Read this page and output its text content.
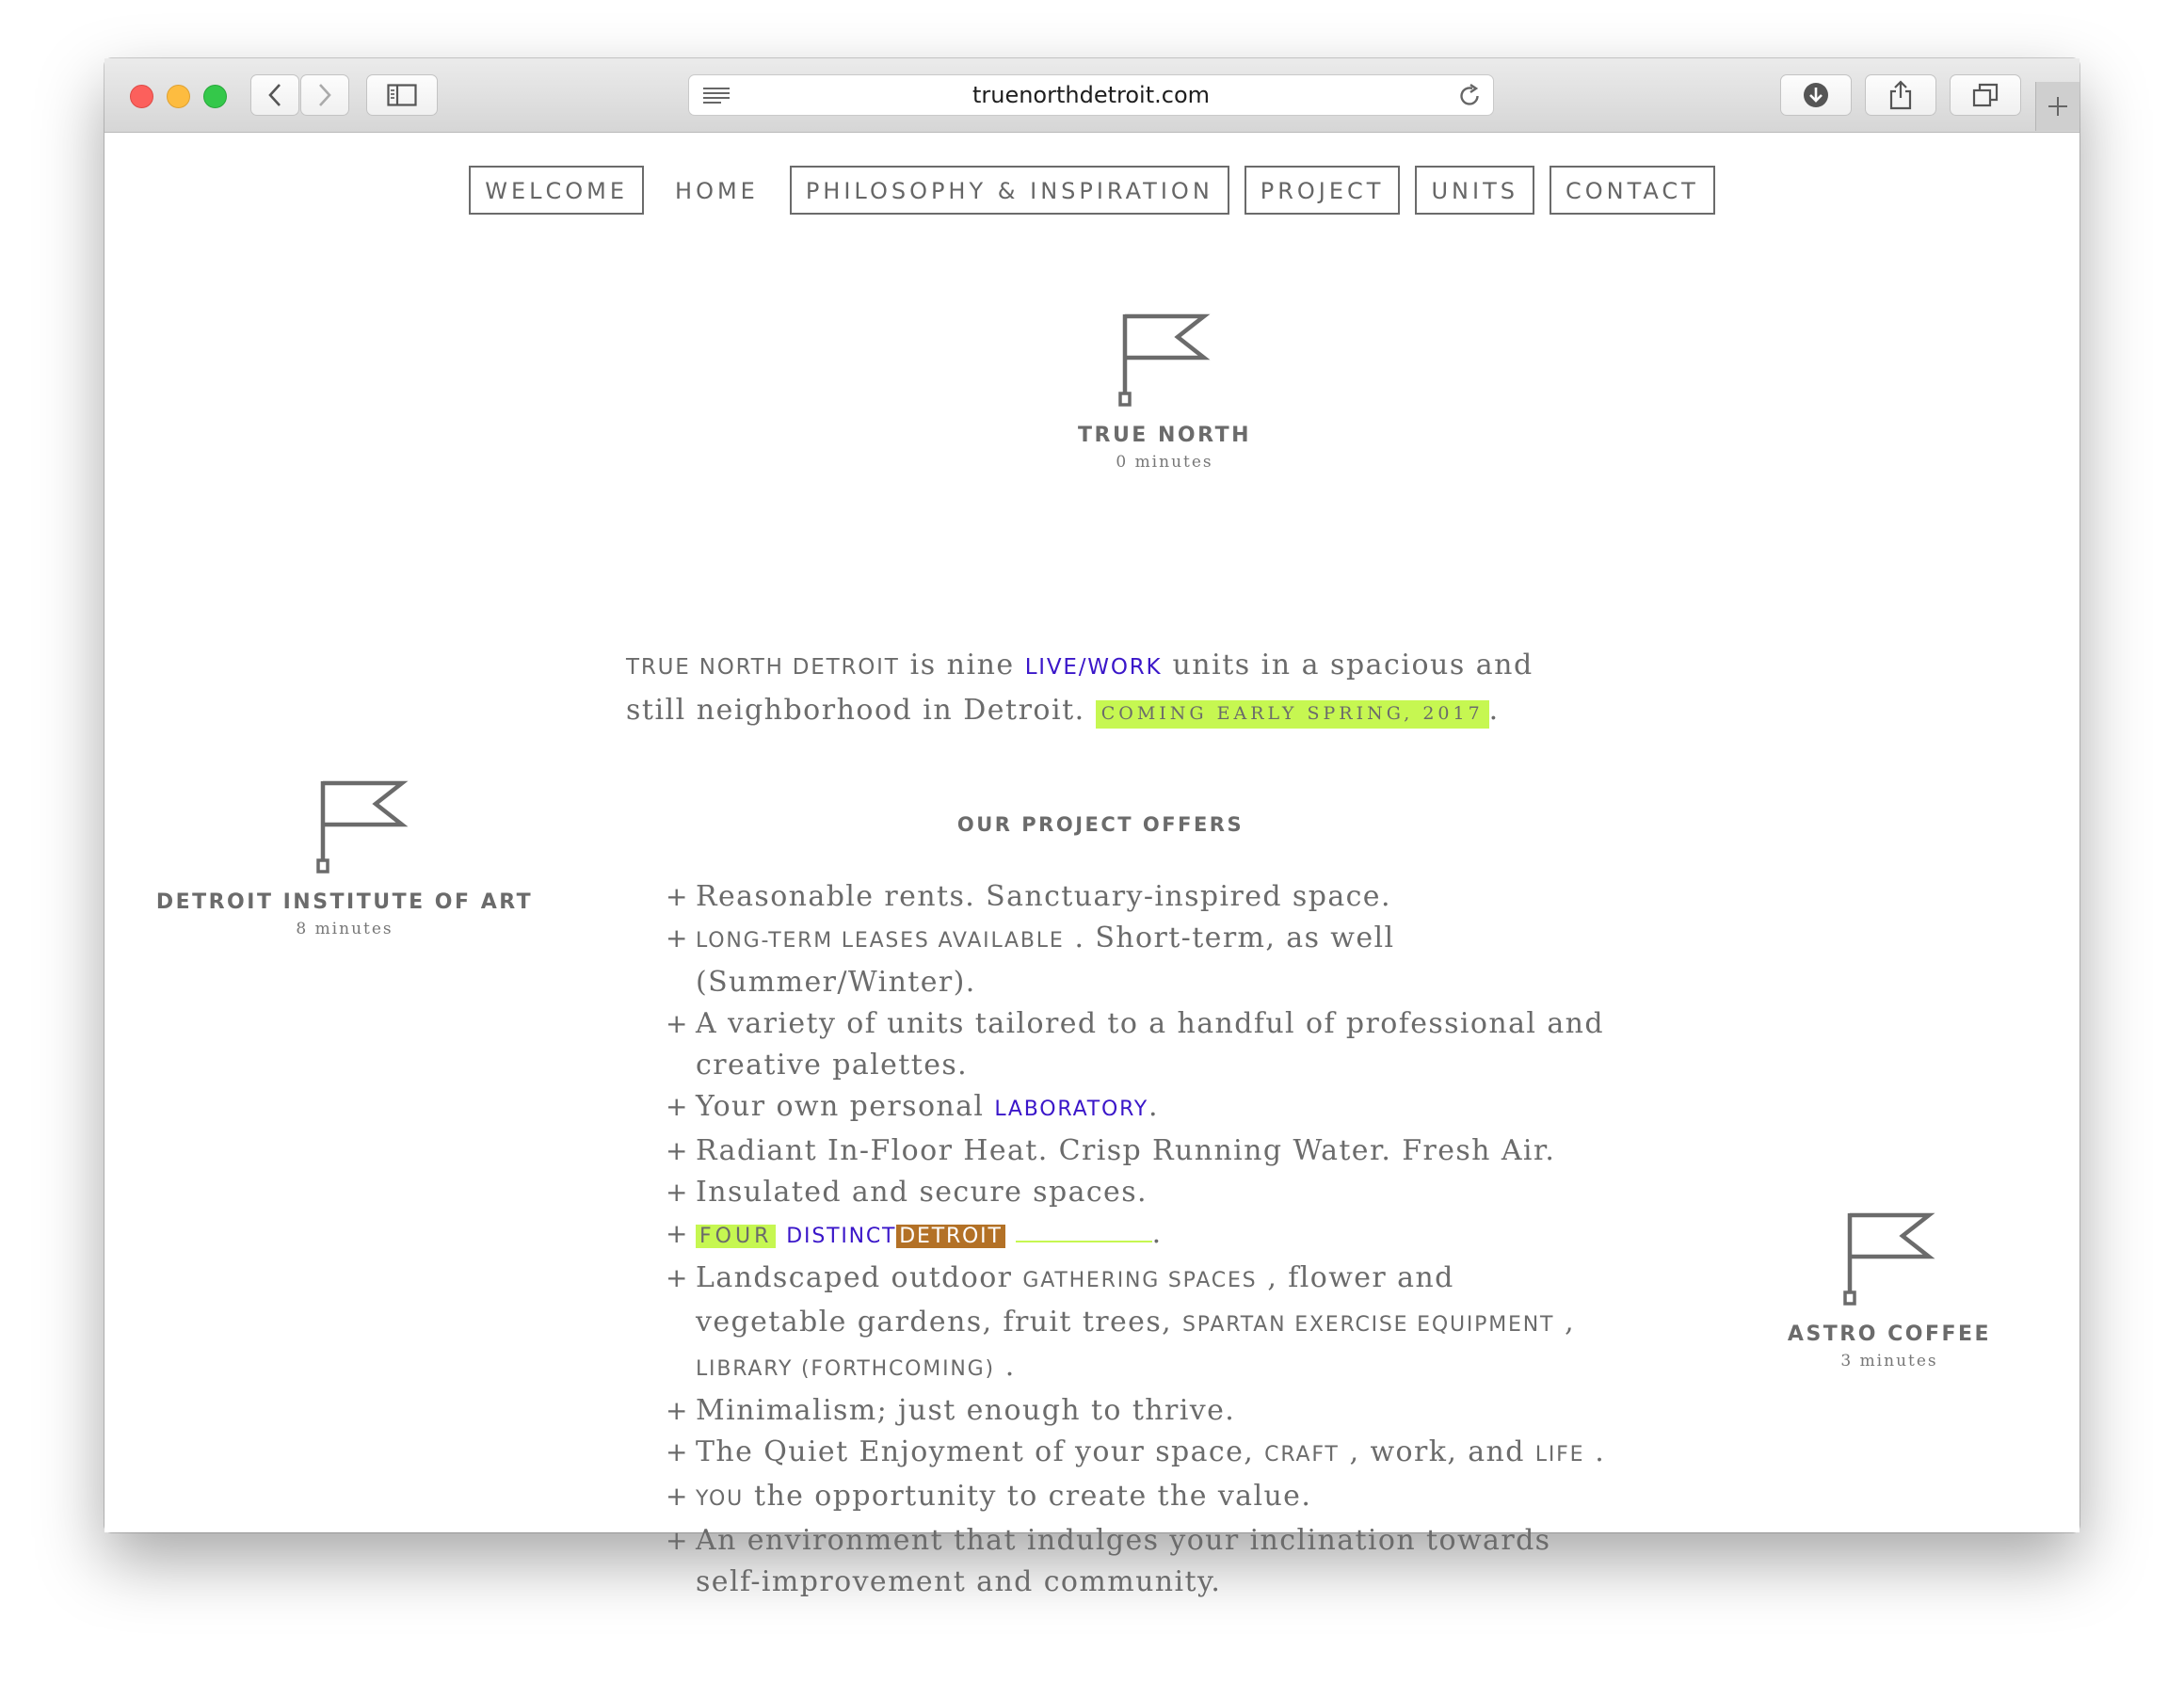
truenorthdetroit.com
WELCOME	HOME	PHILOSOPHY & INSPIRATION	PROJECT	UNITS	CONTACT
TRUE NORTH
0 minutes
DETROIT INSTITUTE OF ART
8 minutes
ASTRO COFFEE
3 minutes

TRUE NORTH DETROIT is nine LIVE/WORK units in a spacious and still neighborhood in Detroit. COMING EARLY SPRING, 2017 .

OUR PROJECT OFFERS
+ Reasonable rents. Sanctuary-inspired space.
+ LONG-TERM LEASES AVAILABLE . Short-term, as well (Summer/Winter).
+ A variety of units tailored to a handful of professional and creative palettes.
+ Your own personal LABORATORY.
+ Radiant In-Floor Heat. Crisp Running Water. Fresh Air.
+ Insulated and secure spaces.
+ FOUR DISTINCT DETROIT	.
+ Landscaped outdoor GATHERING SPACES , flower and vegetable gardens, fruit trees, SPARTAN EXERCISE EQUIPMENT , LIBRARY (FORTHCOMING) .
+ Minimalism; just enough to thrive.
+ The Quiet Enjoyment of your space, CRAFT , work, and LIFE .
+ YOU the opportunity to create the value.
+ An environment that indulges your inclination towards self-improvement and community.
